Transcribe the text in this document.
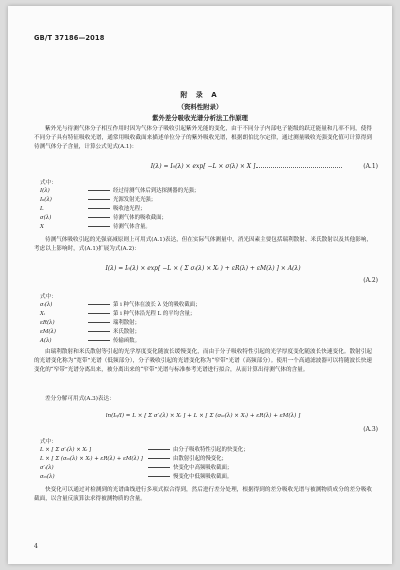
GB/T 37186—2018
附 录 A
（资料性附录）
紫外差分吸收光谱分析法工作原理
紫外光与待测气体分子相互作用时因为气体分子吸收引起紫外光能的变化，由于不同分子内部电子能级的跃迁能量和几率不同，使得不同分子具有特征吸收光谱，通常用吸收截面来描述单位分子的紫外吸收光谱，根据朗伯比尔定律，通过测量吸收光强变化值可计算得到待测气体分子含量，计算公式见式(A.1)：
I(λ) = I₀(λ) × exp[ −L × σ(λ) × X ]	(A.1)
式中：
I(λ)	经过待测气体后到达探测器的光强；
I₀(λ)	光源发射光光强；
L	吸收池光程；
σ(λ)	待测气体的吸收截面；
X	待测气体含量。
待测气体吸收引起的光强衰减原则上可用式(A.1)表达，但在实际气体测量中，消光因素主要包括瑞利散射、米氏散射以及其他影响，考虑以上影响时，式(A.1)扩展为式(A.2)：
I(λ) = I₀(λ) × exp[ −L × ( Σ σᵢ(λ) × Xᵢ ) + εR(λ) + εM(λ) ] × A(λ)
(A.2)
式中：
σᵢ(λ)	第 i 种气体在波长 λ 处的吸收截面；
Xᵢ	第 i 种气体沿光程 L 的平均含量；
εR(λ)	瑞利散射；
εM(λ)	米氏散射；
A(λ)	传输函数。
由瑞利散射和米氏散射等引起的光学厚度变化随波长缓慢变化，而由于分子吸收特性引起的光学厚度变化随波长快速变化。散射引起的光谱变化称为“宽带”光谱（低频部分），分子吸收引起的光谱变化称为“窄带”光谱（高频部分）。使用一个高通滤波器可以将随波长快速变化的“窄带”光谱分离出来，被分离出来的“窄带”光谱与标准参考光谱进行拟合，从而计算出待测气体的含量。
差分分解可用式(A.3)表达：
ln(I₀/I) = L × [ Σ σ′ᵢ(λ) × Xᵢ ] + L × [ Σ (σ₀ᵢ(λ) × Xᵢ) + εR(λ) + εM(λ) ]
(A.3)
式中：
L × [ Σ σ′ᵢ(λ) × Xᵢ ]	由分子吸收特性引起的快变化；
L × [ Σ (σ₀ᵢ(λ) × Xᵢ) + εR(λ) + εM(λ) ]	由散射引起的慢变化；
σ′ᵢ(λ)	快变化中高频吸收截面；
σ₀ᵢ(λ)	慢变化中低频吸收截面。
快变化可以通过对检测到的光谱曲线进行多项式拟合得到，然后进行差分处理，根据得到的差分吸收光谱与被测物质成分的差分吸收截面，以含量反演算法求得被测物质的含量。
4
